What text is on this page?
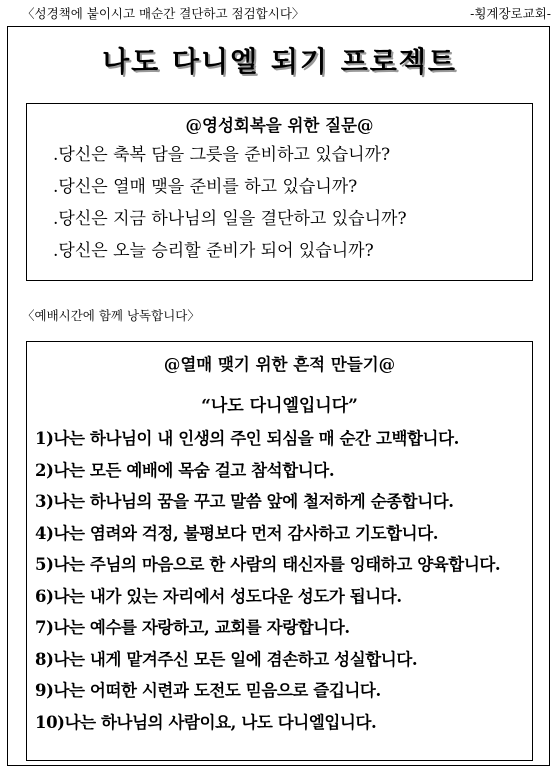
〈성경책에 붙이시고 매순간 결단하고 점검합시다〉	-횡계장로교회-
나도 다니엘 되기 프로젝트
@영성회복을 위한 질문@
.당신은 축복 담을 그릇을 준비하고 있습니까?
.당신은 열매 맺을 준비를 하고 있습니까?
.당신은 지금 하나님의 일을 결단하고 있습니까?
.당신은 오늘 승리할 준비가 되어 있습니까?
〈예배시간에 함께 낭독합니다〉
@열매 맺기 위한 흔적 만들기@
“나도 다니엘입니다”
1)나는 하나님이 내 인생의 주인 되심을 매 순간 고백합니다.
2)나는 모든 예배에 목숨 걸고 참석합니다.
3)나는 하나님의 꿈을 꾸고 말씀 앞에 철저하게 순종합니다.
4)나는 염려와 걱정, 불평보다 먼저 감사하고 기도합니다.
5)나는 주님의 마음으로 한 사람의 태신자를 잉태하고 양육합니다.
6)나는 내가 있는 자리에서 성도다운 성도가 됩니다.
7)나는 예수를 자랑하고, 교회를 자랑합니다.
8)나는 내게 맡겨주신 모든 일에 겸손하고 성실합니다.
9)나는 어떠한 시련과 도전도 믿음으로 즐깁니다.
10)나는 하나님의 사람이요, 나도 다니엘입니다.
